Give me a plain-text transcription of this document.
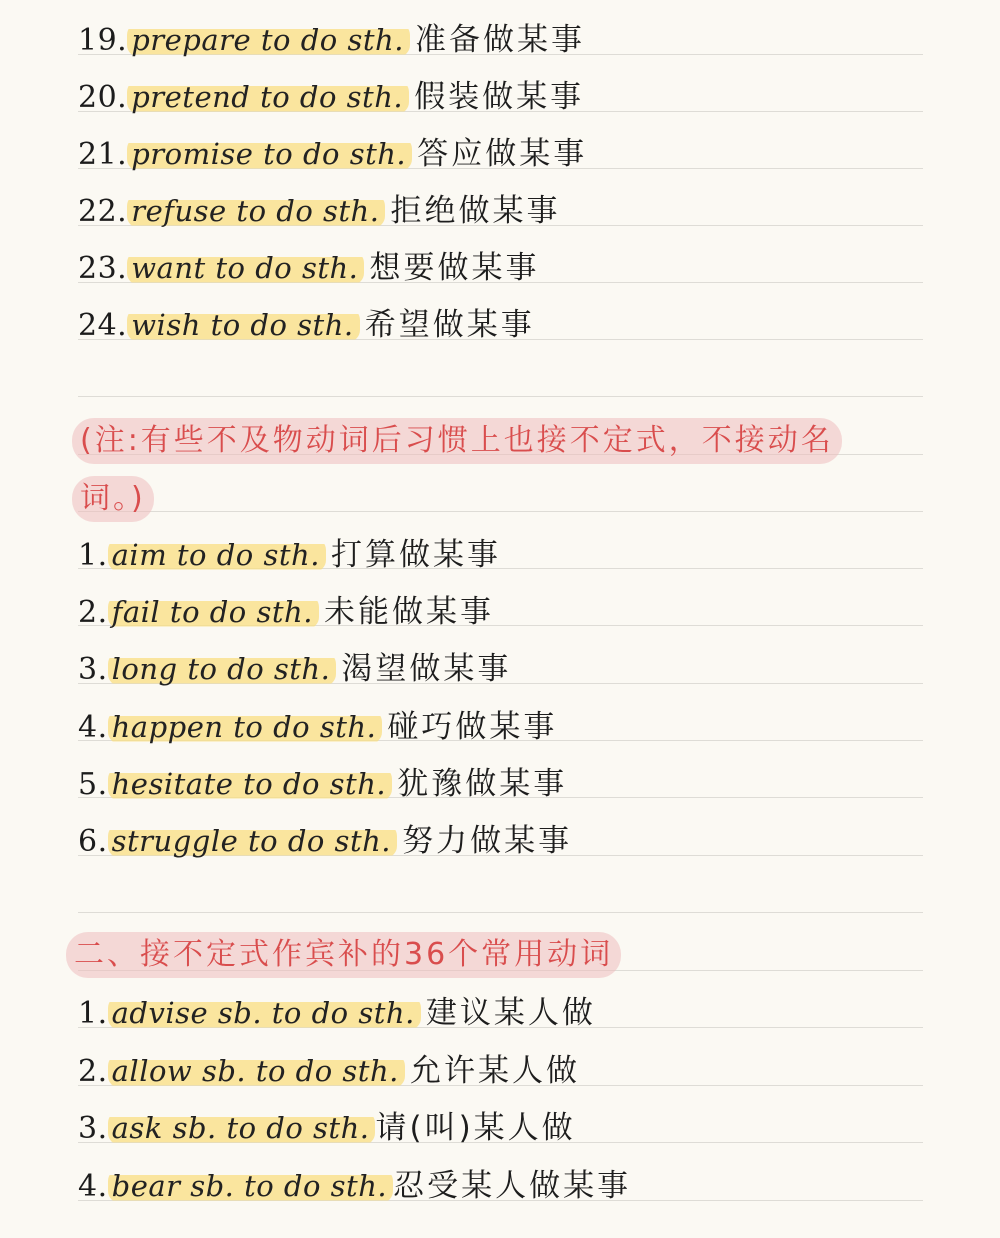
19. prepare to do sth. 准备做某事
20. pretend to do sth. 假装做某事
21. promise to do sth. 答应做某事
22. refuse to do sth. 拒绝做某事
23. want to do sth. 想要做某事
24. wish to do sth. 希望做某事
(注:有些不及物动词后习惯上也接不定式，不接动名
词。)
1. aim to do sth. 打算做某事
2. fail to do sth. 未能做某事
3. long to do sth. 渴望做某事
4. happen to do sth. 碰巧做某事
5. hesitate to do sth. 犹豫做某事
6. struggle to do sth. 努力做某事
二、接不定式作宾补的36个常用动词
1. advise sb. to do sth. 建议某人做
2. allow sb. to do sth. 允许某人做
3. ask sb. to do sth. 请(叫)某人做
4. bear sb. to do sth. 忍受某人做某事
